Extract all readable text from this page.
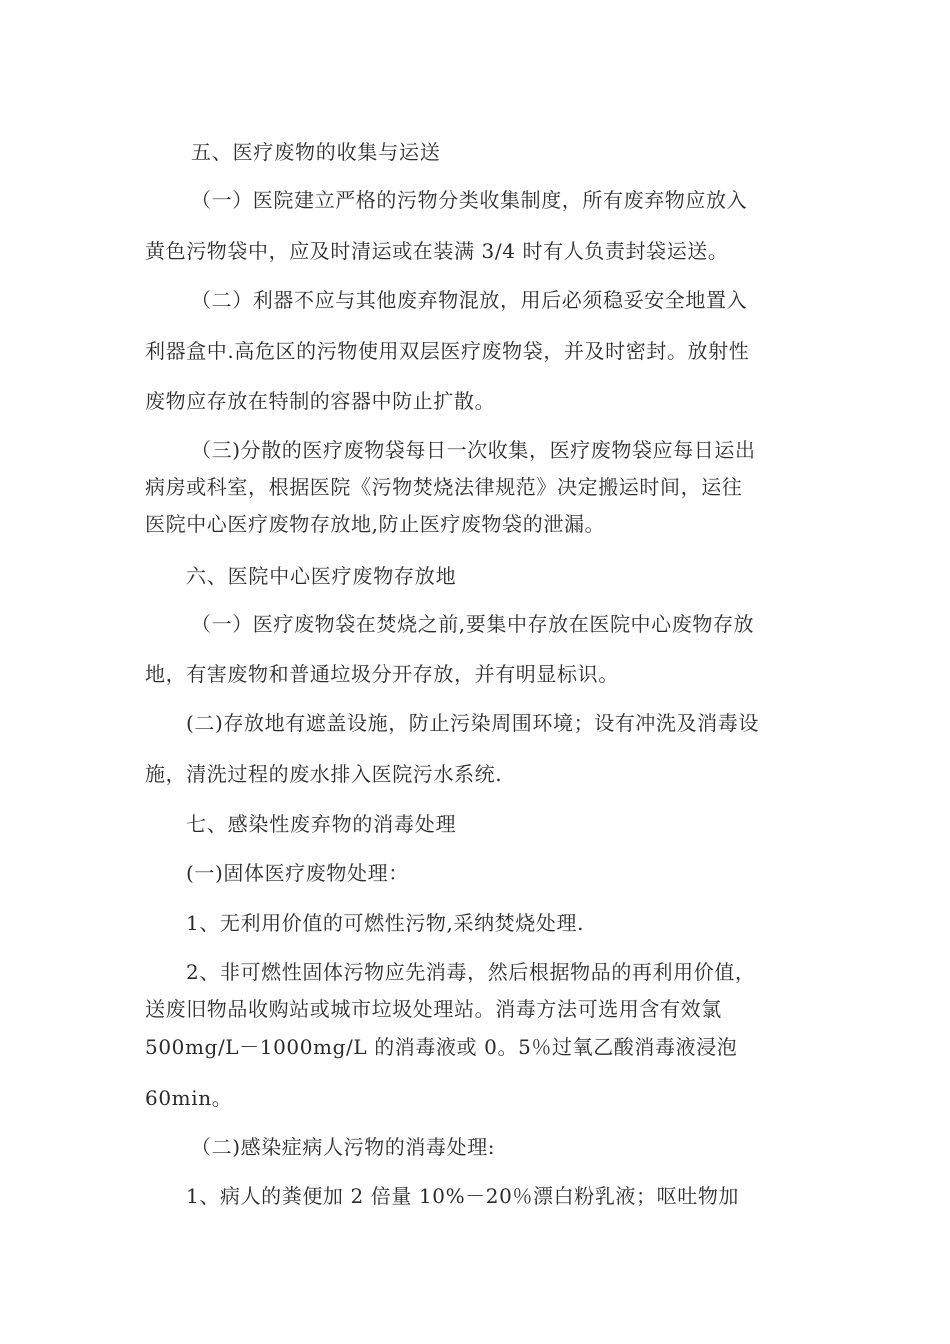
五、医疗废物的收集与运送
（一）医院建立严格的污物分类收集制度，所有废弃物应放入
黄色污物袋中，应及时清运或在装满 3/4 时有人负责封袋运送。
（二）利器不应与其他废弃物混放，用后必须稳妥安全地置入
利器盒中.高危区的污物使用双层医疗废物袋，并及时密封。放射性
废物应存放在特制的容器中防止扩散。
（三)分散的医疗废物袋每日一次收集，医疗废物袋应每日运出
病房或科室，根据医院《污物焚烧法律规范》决定搬运时间，运往
医院中心医疗废物存放地,防止医疗废物袋的泄漏。
六、医院中心医疗废物存放地
（一）医疗废物袋在焚烧之前,要集中存放在医院中心废物存放
地，有害废物和普通垃圾分开存放，并有明显标识。
(二)存放地有遮盖设施，防止污染周围环境；设有冲洗及消毒设
施，清洗过程的废水排入医院污水系统.
七、感染性废弃物的消毒处理
(一)固体医疗废物处理：
1、无利用价值的可燃性污物,采纳焚烧处理.
2、非可燃性固体污物应先消毒，然后根据物品的再利用价值，
送废旧物品收购站或城市垃圾处理站。消毒方法可选用含有效氯
500mg/L－1000mg/L 的消毒液或 0。5％过氧乙酸消毒液浸泡
60min。
（二)感染症病人污物的消毒处理:
1、病人的粪便加 2 倍量 10%－20％漂白粉乳液；呕吐物加
